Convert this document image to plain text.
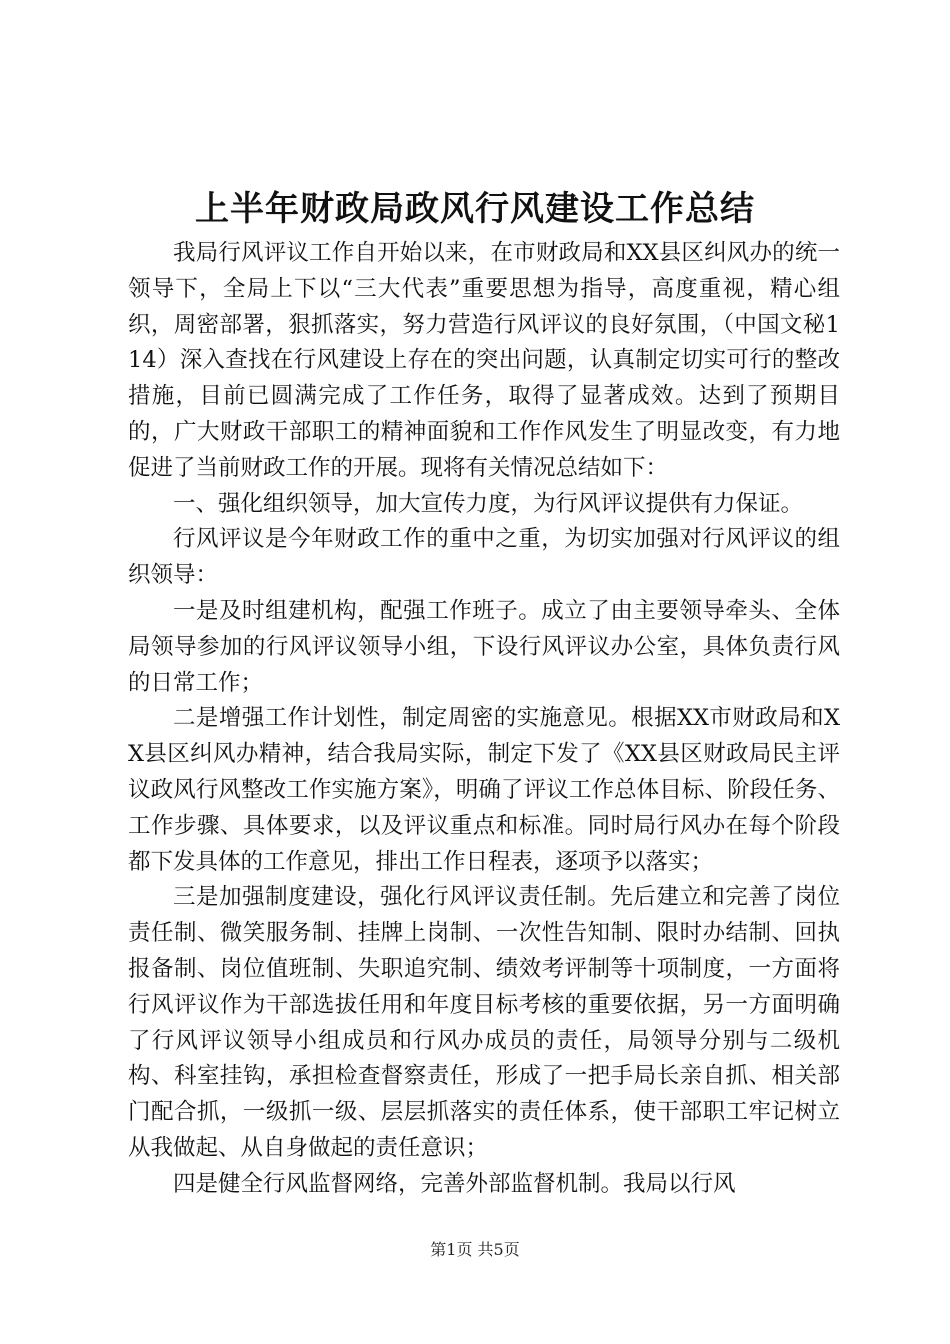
上半年财政局政风行风建设工作总结

我局行风评议工作自开始以来，在市财政局和XX县区纠风办的统一领导下，全局上下以“三大代表”重要思想为指导，高度重视，精心组织，周密部署，狠抓落实，努力营造行风评议的良好氛围，（中国文秘114）深入查找在行风建设上存在的突出问题，认真制定切实可行的整改措施，目前已圆满完成了工作任务，取得了显著成效。达到了预期目的，广大财政干部职工的精神面貌和工作作风发生了明显改变，有力地促进了当前财政工作的开展。现将有关情况总结如下：

一、强化组织领导，加大宣传力度，为行风评议提供有力保证。

行风评议是今年财政工作的重中之重，为切实加强对行风评议的组织领导：

一是及时组建机构，配强工作班子。成立了由主要领导牵头、全体局领导参加的行风评议领导小组，下设行风评议办公室，具体负责行风的日常工作；

二是增强工作计划性，制定周密的实施意见。根据XX市财政局和XX县区纠风办精神，结合我局实际，制定下发了《XX县区财政局民主评议政风行风整改工作实施方案》，明确了评议工作总体目标、阶段任务、工作步骤、具体要求，以及评议重点和标准。同时局行风办在每个阶段都下发具体的工作意见，排出工作日程表，逐项予以落实；

三是加强制度建设，强化行风评议责任制。先后建立和完善了岗位责任制、微笑服务制、挂牌上岗制、一次性告知制、限时办结制、回执报备制、岗位值班制、失职追究制、绩效考评制等十项制度，一方面将行风评议作为干部选拔任用和年度目标考核的重要依据，另一方面明确了行风评议领导小组成员和行风办成员的责任，局领导分别与二级机构、科室挂钩，承担检查督察责任，形成了一把手局长亲自抓、相关部门配合抓，一级抓一级、层层抓落实的责任体系，使干部职工牢记树立从我做起、从自身做起的责任意识；

四是健全行风监督网络，完善外部监督机制。我局以行风

第1页 共5页
